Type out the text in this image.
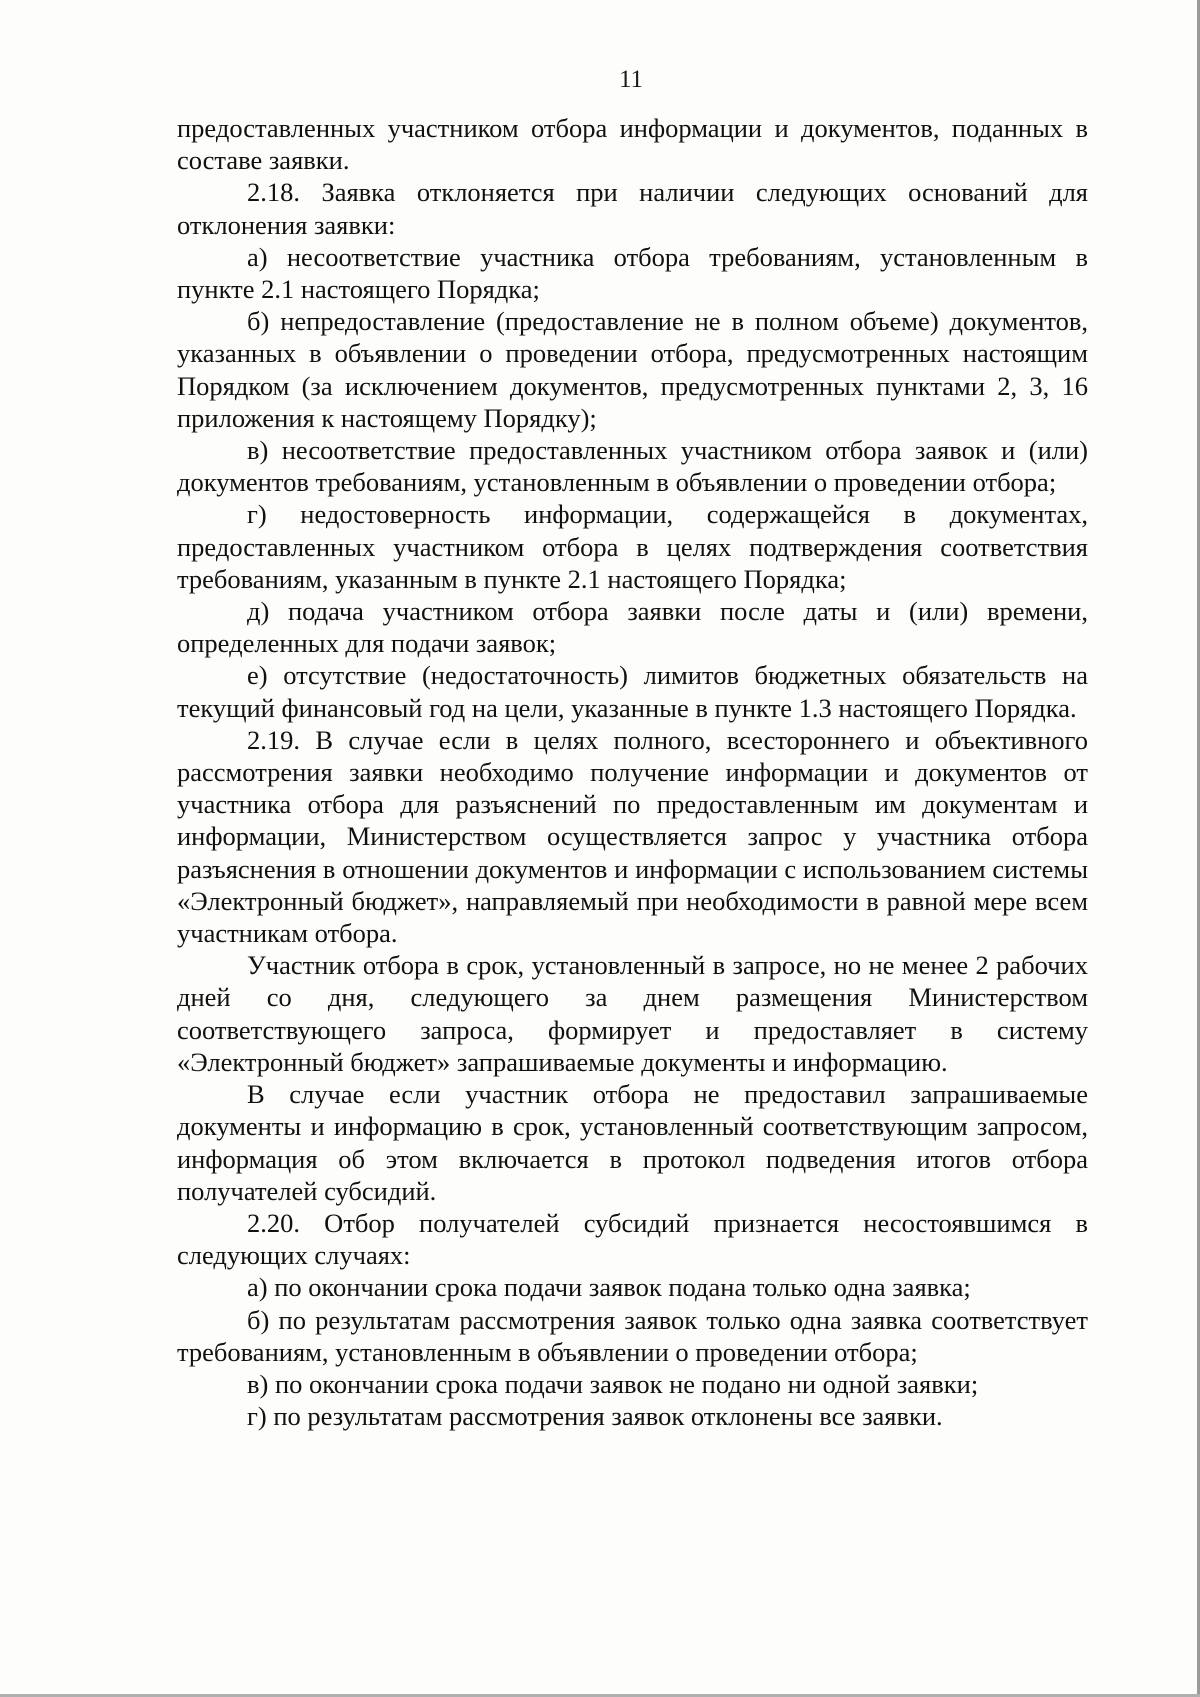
11

предоставленных участником отбора информации и документов, поданных в составе заявки.

2.18. Заявка отклоняется при наличии следующих оснований для отклонения заявки:

а) несоответствие участника отбора требованиям, установленным в пункте 2.1 настоящего Порядка;

б) непредоставление (предоставление не в полном объеме) документов, указанных в объявлении о проведении отбора, предусмотренных настоящим Порядком (за исключением документов, предусмотренных пунктами 2, 3, 16 приложения к настоящему Порядку);

в) несоответствие предоставленных участником отбора заявок и (или) документов требованиям, установленным в объявлении о проведении отбора;

г) недостоверность информации, содержащейся в документах, предоставленных участником отбора в целях подтверждения соответствия требованиям, указанным в пункте 2.1 настоящего Порядка;

д) подача участником отбора заявки после даты и (или) времени, определенных для подачи заявок;

е) отсутствие (недостаточность) лимитов бюджетных обязательств на текущий финансовый год на цели, указанные в пункте 1.3 настоящего Порядка.

2.19. В случае если в целях полного, всестороннего и объективного рассмотрения заявки необходимо получение информации и документов от участника отбора для разъяснений по предоставленным им документам и информации, Министерством осуществляется запрос у участника отбора разъяснения в отношении документов и информации с использованием системы «Электронный бюджет», направляемый при необходимости в равной мере всем участникам отбора.

Участник отбора в срок, установленный в запросе, но не менее 2 рабочих дней со дня, следующего за днем размещения Министерством соответствующего запроса, формирует и предоставляет в систему «Электронный бюджет» запрашиваемые документы и информацию.

В случае если участник отбора не предоставил запрашиваемые документы и информацию в срок, установленный соответствующим запросом, информация об этом включается в протокол подведения итогов отбора получателей субсидий.

2.20. Отбор получателей субсидий признается несостоявшимся в следующих случаях:

а) по окончании срока подачи заявок подана только одна заявка;

б) по результатам рассмотрения заявок только одна заявка соответствует требованиям, установленным в объявлении о проведении отбора;

в) по окончании срока подачи заявок не подано ни одной заявки;

г) по результатам рассмотрения заявок отклонены все заявки.
